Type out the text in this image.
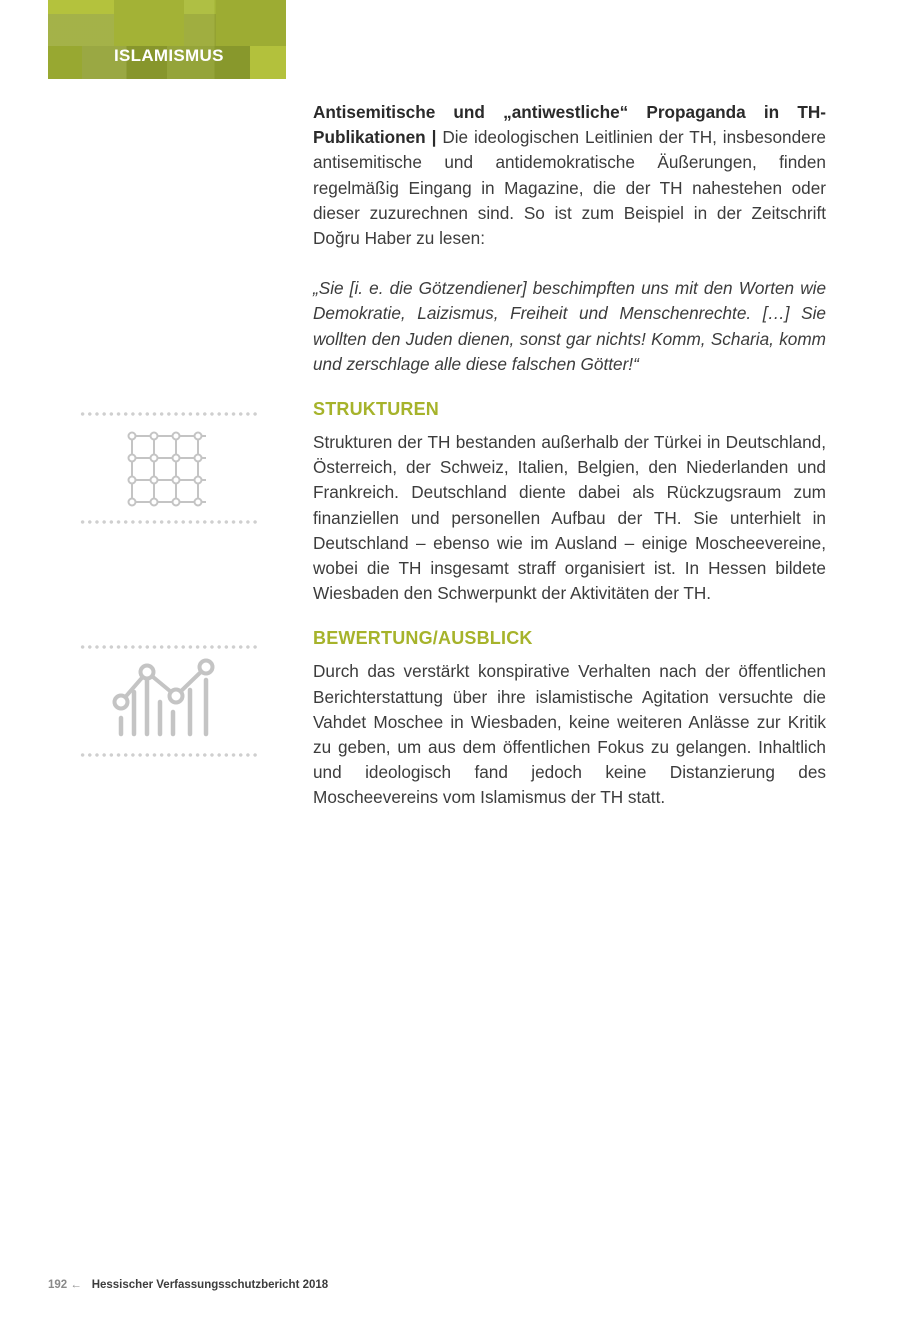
ISLAMISMUS

Antisemitische und „antiwestliche“ Propaganda in TH-Publikationen | Die ideologischen Leitlinien der TH, insbesondere antisemitische und antidemokratische Äußerungen, finden regelmäßig Eingang in Magazine, die der TH nahestehen oder dieser zuzurechnen sind. So ist zum Beispiel in der Zeitschrift Doğru Haber zu lesen:

„Sie [i. e. die Götzendiener] beschimpften uns mit den Worten wie Demokratie, Laizismus, Freiheit und Menschenrechte. […] Sie wollten den Juden dienen, sonst gar nichts! Komm, Scharia, komm und zerschlage alle diese falschen Götter!“

STRUKTUREN

Strukturen der TH bestanden außerhalb der Türkei in Deutschland, Österreich, der Schweiz, Italien, Belgien, den Niederlanden und Frankreich. Deutschland diente dabei als Rückzugsraum zum finanziellen und personellen Aufbau der TH. Sie unterhielt in Deutschland – ebenso wie im Ausland – einige Moscheevereine, wobei die TH insgesamt straff organisiert ist. In Hessen bildete Wiesbaden den Schwerpunkt der Aktivitäten der TH.

BEWERTUNG/AUSBLICK

Durch das verstärkt konspirative Verhalten nach der öffentlichen Berichterstattung über ihre islamistische Agitation versuchte die Vahdet Moschee in Wiesbaden, keine weiteren Anlässe zur Kritik zu geben, um aus dem öffentlichen Fokus zu gelangen. Inhaltlich und ideologisch fand jedoch keine Distanzierung des Moscheevereins vom Islamismus der TH statt.

192 ← Hessischer Verfassungsschutzbericht 2018
